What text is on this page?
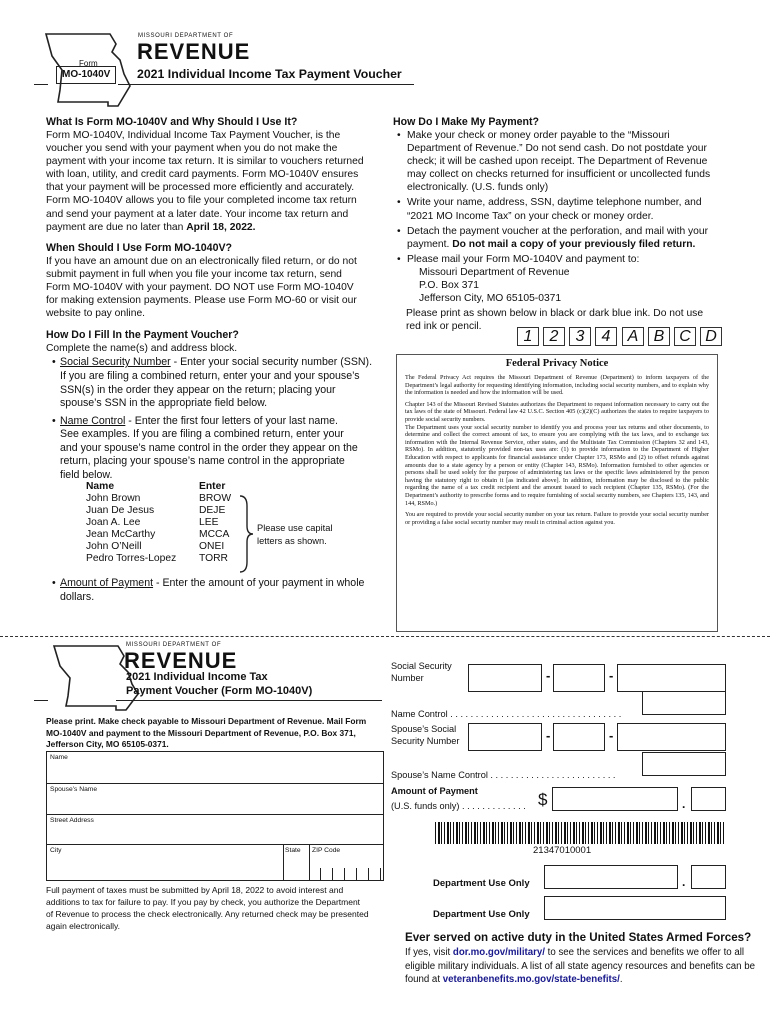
MISSOURI DEPARTMENT OF
REVENUE
Form
MO-1040V 2021 Individual Income Tax Payment Voucher
What Is Form MO-1040V and Why Should I Use It?
Form MO-1040V, Individual Income Tax Payment Voucher, is the
voucher you send with your payment when you do not make the
payment with your income tax return. It is similar to vouchers returned
with loan, utility, and credit card payments. Form MO-1040V ensures
that your payment will be processed more efficiently and accurately.
Form MO-1040V allows you to file your completed income tax return
and send your payment at a later date. Your income tax return and
payment are due no later than April 18, 2022.
When Should I Use Form MO-1040V?
If you have an amount due on an electronically filed return, or do not
submit payment in full when you file your income tax return, send
Form MO-1040V with your payment. DO NOT use Form MO-1040V
for making extension payments. Please use Form MO-60 or visit our
website to pay online.
How Do I Fill In the Payment Voucher?
Complete the name(s) and address block.
• Social Security Number - Enter your social security number (SSN).
If you are filing a combined return, enter your and your spouse’s
SSN(s) in the order they appear on the return; placing your
spouse’s SSN in the appropriate field below.
• Name Control - Enter the first four letters of your last name.
See examples. If you are filing a combined return, enter your
and your spouse’s name control in the order they appear on the
return, placing your spouse’s name control in the appropriate
field below.
Name	Enter
John Brown	BROW
Juan De Jesus	DEJE
Joan A. Lee	LEE
Jean McCarthy	MCCA
John O’Neill	ONEI
Pedro Torres-Lopez	TORR
Please use capital
letters as shown.
• Amount of Payment - Enter the amount of your payment in whole
dollars.
How Do I Make My Payment?
• Make your check or money order payable to the “Missouri
Department of Revenue.” Do not send cash. Do not postdate your
check; it will be cashed upon receipt. The Department of Revenue
may collect on checks returned for insufficient or uncollected funds
electronically. (U.S. funds only)
• Write your name, address, SSN, daytime telephone number, and
“2021 MO Income Tax” on your check or money order.
• Detach the payment voucher at the perforation, and mail with your
payment. Do not mail a copy of your previously filed return.
• Please mail your Form MO-1040V and payment to:
Missouri Department of Revenue
P.O. Box 371
Jefferson City, MO 65105-0371
Please print as shown below in black or dark blue ink. Do not use
red ink or pencil.
1 2 3 4	A B C D
Federal Privacy Notice
The Federal Privacy Act requires the Missouri Department of Revenue (Department) to inform taxpayers of the Department’s legal authority for requesting identifying information, including social security numbers, and to explain why the information is needed and how the information will be used.
Chapter 143 of the Missouri Revised Statutes authorizes the Department to request information necessary to carry out the tax laws of the state of Missouri. Federal law 42 U.S.C. Section 405 (c)(2)(C) authorizes the states to require taxpayers to provide social security numbers.
The Department uses your social security number to identify you and process your tax returns and other documents, to determine and collect the correct amount of tax, to ensure you are complying with the tax laws, and to exchange tax information with the Internal Revenue Service, other states, and the Multistate Tax Commission (Chapters 32 and 143, RSMo). In addition, statutorily provided non-tax uses are: (1) to provide information to the Department of Higher Education with respect to applicants for financial assistance under Chapter 173, RSMo and (2) to offset refunds against amounts due to a state agency by a person or entity (Chapter 143, RSMo). Information furnished to other agencies or persons shall be used solely for the purpose of administering tax laws or the specific laws administered by the person having the statutory right to obtain it [as indicated above]. In addition, information may be disclosed to the public regarding the name of a tax credit recipient and the amount issued to such recipient (Chapter 135, RSMo). (For the Department’s authority to prescribe forms and to require furnishing of social security numbers, see Chapters 135, 143, and 144, RSMo.)
You are required to provide your social security number on your tax return. Failure to provide your social security number or providing a false social security number may result in criminal action against you.
MISSOURI DEPARTMENT OF
REVENUE
2021 Individual Income Tax
Payment Voucher (Form MO-1040V)
Please print. Make check payable to Missouri Department of Revenue. Mail Form
MO-1040V and payment to the Missouri Department of Revenue, P.O. Box 371,
Jefferson City, MO 65105-0371.
Name
Spouse’s Name
Street Address
City	State ZIP Code
Full payment of taxes must be submitted by April 18, 2022 to avoid interest and
additions to tax for failure to pay. If you pay by check, you authorize the Department
of Revenue to process the check electronically. Any returned check may be presented
again electronically.
Social Security
Number	-	-
Name Control . . . . . . . . . . . . . . . . . . . . . . . . . . . . . . . . . .
Spouse’s Social
Security Number	-	-
Spouse’s Name Control . . . . . . . . . . . . . . . . . . . . . . . . .
Amount of Payment
(U.S. funds only) . . . . . . . . . . . . . $	.
21347010001
Department Use Only	.
Department Use Only
Ever served on active duty in the United States Armed Forces?
If yes, visit dor.mo.gov/military/ to see the services and benefits we offer to all
eligible military individuals. A list of all state agency resources and benefits can be
found at veteranbenefits.mo.gov/state-benefits/.
